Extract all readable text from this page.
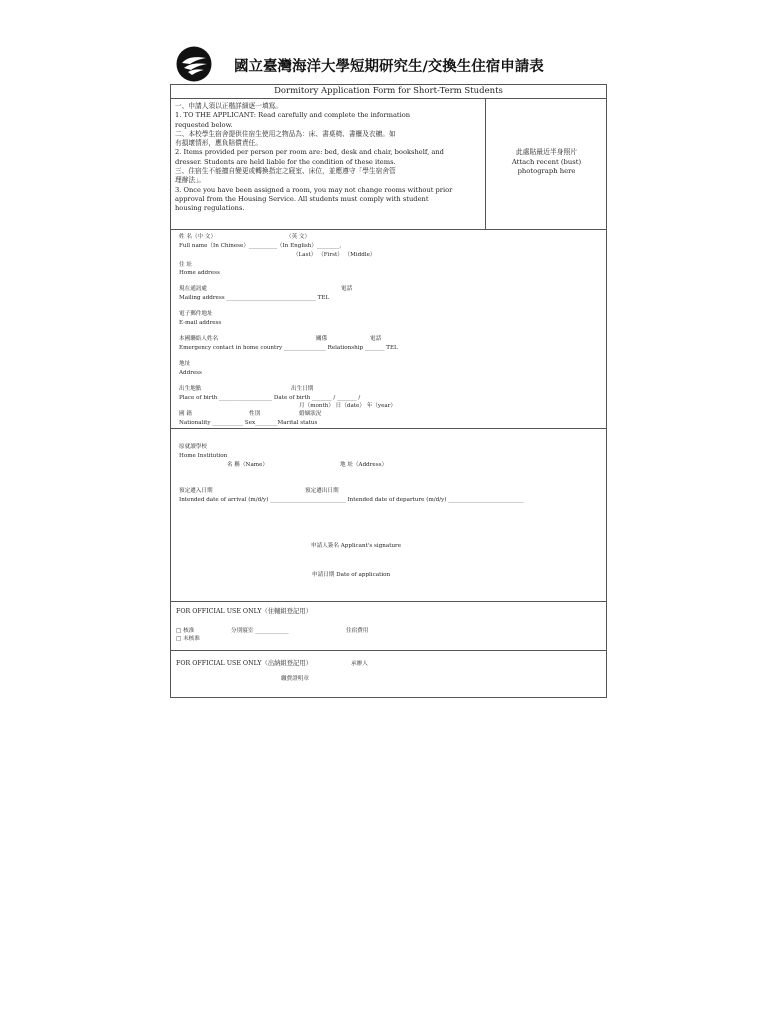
國立臺灣海洋大學短期研究生/交換生住宿申請表
Dormitory Application Form for Short-Term Students
一、申請人須以正楷詳細逐一填寫。
1. TO THE APPLICANT: Read carefully and complete the information
requested below.
二、本校學生宿舍提供住宿生使用之物品為：床、書桌椅、書櫃及衣櫥。如
有損壞情形，應負賠償責任。
2. Items provided per person per room are: bed, desk and chair, bookshelf, and
dresser. Students are held liable for the condition of these items.
三、住宿生不能擅自變更或轉換指定之寢室、床位，並應遵守「學生宿舍管
理辦法」。
3. Once you have been assigned a room, you may not change rooms without prior
approval from the Housing Service. All students must comply with student
housing regulations.
此處貼最近半身照片
Attach recent (bust)
photograph here
姓 名（中 文）	（英 文）
Full name（In Chinese）__________（In English）________,
（Last） （First） （Middle）
住 址
Home address
現在通訊處	電話
Mailing address ________________________________ TEL
電子郵件地址
E-mail address
本國聯絡人姓名	關係	電話
Emergency contact in home country _______________ Relationship _______ TEL
地址
Address
出生地點	出生日期
Place of birth ___________________ Date of birth _______ / _______ /
月（month） 日（date） 年（year）
國 籍	性別	婚姻狀況
Nationality ___________ Sex________Marital status
原就讀學校
Home Institution
名 稱（Name）	地 址（Address）
預定遷入日期	預定遷出日期
Intended date of arrival (m/d/y) ___________________________ Intended date of departure (m/d/y) ___________________________
申請人簽名 Applicant's signature
申請日期 Date of application
FOR OFFICIAL USE ONLY（住輔組登記用）
□ 核准	分別寢室 ____________	住宿費用
□ 未核准
FOR OFFICIAL USE ONLY（出納組登記用）	承辦人
繳費證明章
